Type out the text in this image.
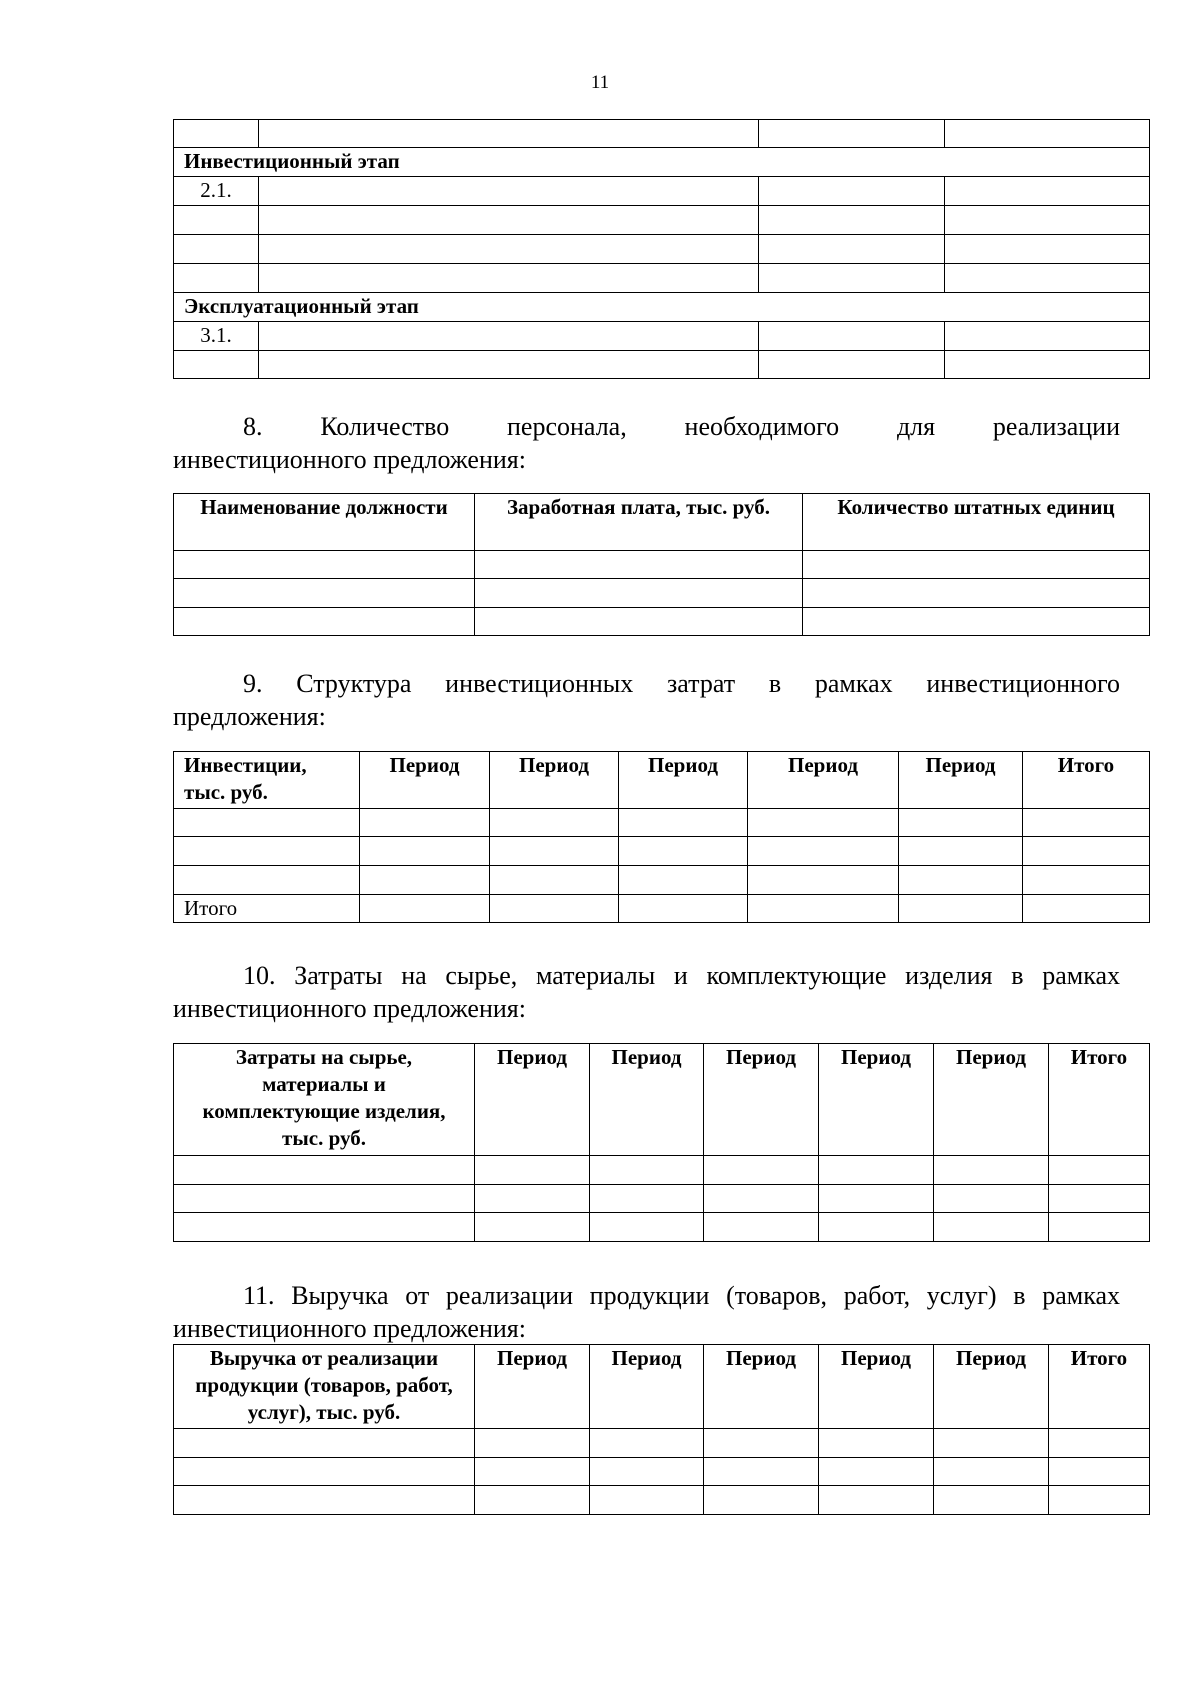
11

Инвестиционный этап			
2.1.			

Эксплуатационный этап			
3.1.			

8. Количество персонала, необходимого для реализации
инвестиционного предложения:
Наименование должности	Заработная плата, тыс. руб.	Количество штатных единиц

9. Структура инвестиционных затрат в рамках инвестиционного
предложения:
Инвестиции, тыс. руб.	Период	Период	Период	Период	Период	Итого

Итого						
10. Затраты на сырье, материалы и комплектующие изделия в рамках
инвестиционного предложения:
Затраты на сырье, материалы и комплектующие изделия, тыс. руб.	Период	Период	Период	Период	Период	Итого

11. Выручка от реализации продукции (товаров, работ, услуг) в рамках
инвестиционного предложения:
Выручка от реализации продукции (товаров, работ, услуг), тыс. руб.	Период	Период	Период	Период	Период	Итого
